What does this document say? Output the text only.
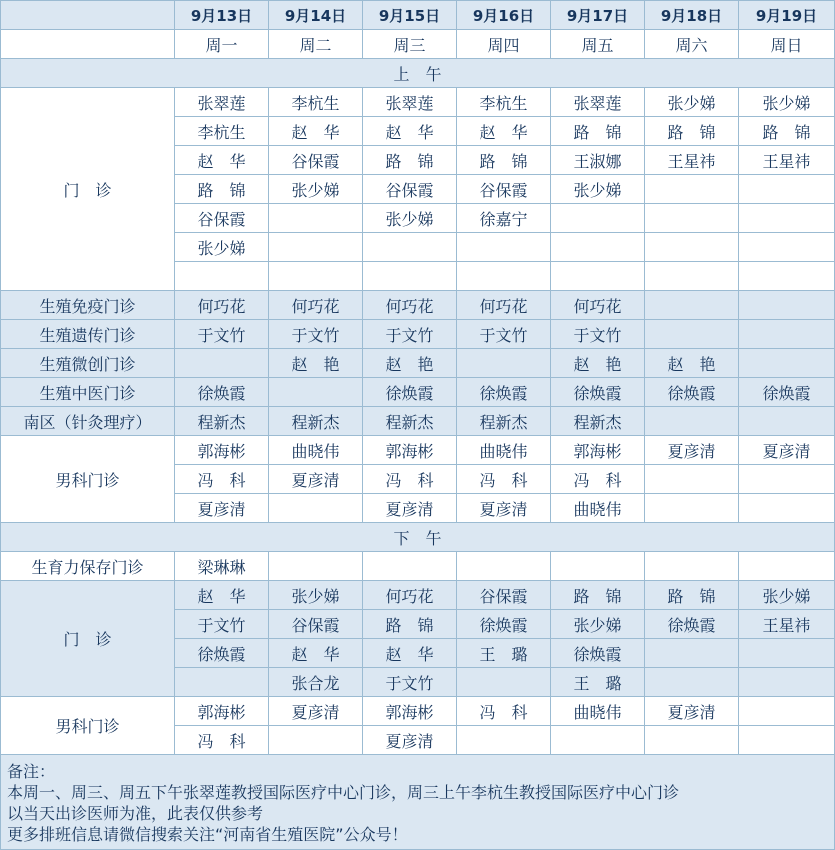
	9月13日	9月14日	9月15日	9月16日	9月17日	9月18日	9月19日
	周一	周二	周三	周四	周五	周六	周日
上　午							
门　诊	张翠莲	李杭生	张翠莲	李杭生	张翠莲	张少娣	张少娣
	李杭生	赵　华	赵　华	赵　华	路　锦	路　锦	路　锦
	赵　华	谷保霞	路　锦	路　锦	王淑娜	王星祎	王星祎
	路　锦	张少娣	谷保霞	谷保霞	张少娣		
	谷保霞		张少娣	徐嘉宁			
	张少娣						

生殖免疫门诊	何巧花	何巧花	何巧花	何巧花	何巧花		
生殖遗传门诊	于文竹	于文竹	于文竹	于文竹	于文竹		
生殖微创门诊		赵　艳	赵　艳		赵　艳	赵　艳	
生殖中医门诊	徐焕霞		徐焕霞	徐焕霞	徐焕霞	徐焕霞	徐焕霞
南区（针灸理疗）	程新杰	程新杰	程新杰	程新杰	程新杰		
男科门诊	郭海彬	曲晓伟	郭海彬	曲晓伟	郭海彬	夏彦清	夏彦清
	冯　科	夏彦清	冯　科	冯　科	冯　科		
	夏彦清		夏彦清	夏彦清	曲晓伟		
下　午							
生育力保存门诊	梁琳琳						
门　诊	赵　华	张少娣	何巧花	谷保霞	路　锦	路　锦	张少娣
	于文竹	谷保霞	路　锦	徐焕霞	张少娣	徐焕霞	王星祎
	徐焕霞	赵　华	赵　华	王　璐	徐焕霞		
		张合龙	于文竹		王　璐		
男科门诊	郭海彬	夏彦清	郭海彬	冯　科	曲晓伟	夏彦清	
	冯　科		夏彦清				

备注：
本周一、周三、周五下午张翠莲教授国际医疗中心门诊，周三上午李杭生教授国际医疗中心门诊
以当天出诊医师为准，此表仅供参考
更多排班信息请微信搜索关注“河南省生殖医院”公众号！							
